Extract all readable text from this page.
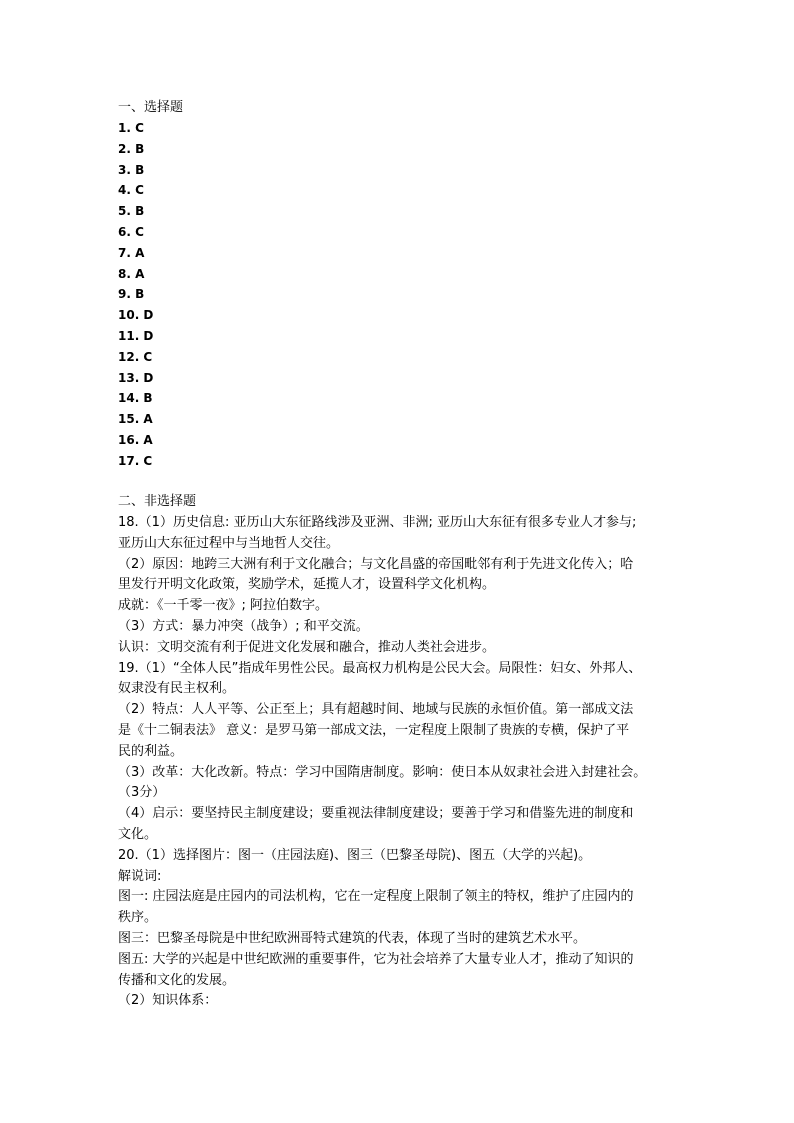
一、选择题
1. C
2. B
3. B
4. C
5. B
6. C
7. A
8. A
9. B
10. D
11. D
12. C
13. D
14. B
15. A
16. A
17. C
二、非选择题
18.（1）历史信息: 亚历山大东征路线涉及亚洲、非洲; 亚历山大东征有很多专业人才参与;
亚历山大东征过程中与当地哲人交往。
（2）原因：地跨三大洲有利于文化融合；与文化昌盛的帝国毗邻有利于先进文化传入；哈
里发行开明文化政策，奖励学术，延揽人才，设置科学文化机构。
成就：《一千零一夜》; 阿拉伯数字。
（3）方式：暴力冲突（战争）; 和平交流。
认识：文明交流有利于促进文化发展和融合，推动人类社会进步。
19.（1）“全体人民”指成年男性公民。最高权力机构是公民大会。局限性：妇女、外邦人、
奴隶没有民主权利。
（2）特点：人人平等、公正至上；具有超越时间、地域与民族的永恒价值。第一部成文法
是《十二铜表法》 意义：是罗马第一部成文法，一定程度上限制了贵族的专横，保护了平
民的利益。
（3）改革：大化改新。特点：学习中国隋唐制度。影响：使日本从奴隶社会进入封建社会。
（3分）
（4）启示：要坚持民主制度建设；要重视法律制度建设；要善于学习和借鉴先进的制度和
文化。
20.（1）选择图片：图一（庄园法庭)、图三（巴黎圣母院)、图五（大学的兴起)。
解说词:
图一: 庄园法庭是庄园内的司法机构，它在一定程度上限制了领主的特权，维护了庄园内的
秩序。
图三：巴黎圣母院是中世纪欧洲哥特式建筑的代表，体现了当时的建筑艺术水平。
图五: 大学的兴起是中世纪欧洲的重要事件，它为社会培养了大量专业人才，推动了知识的
传播和文化的发展。
（2）知识体系：
